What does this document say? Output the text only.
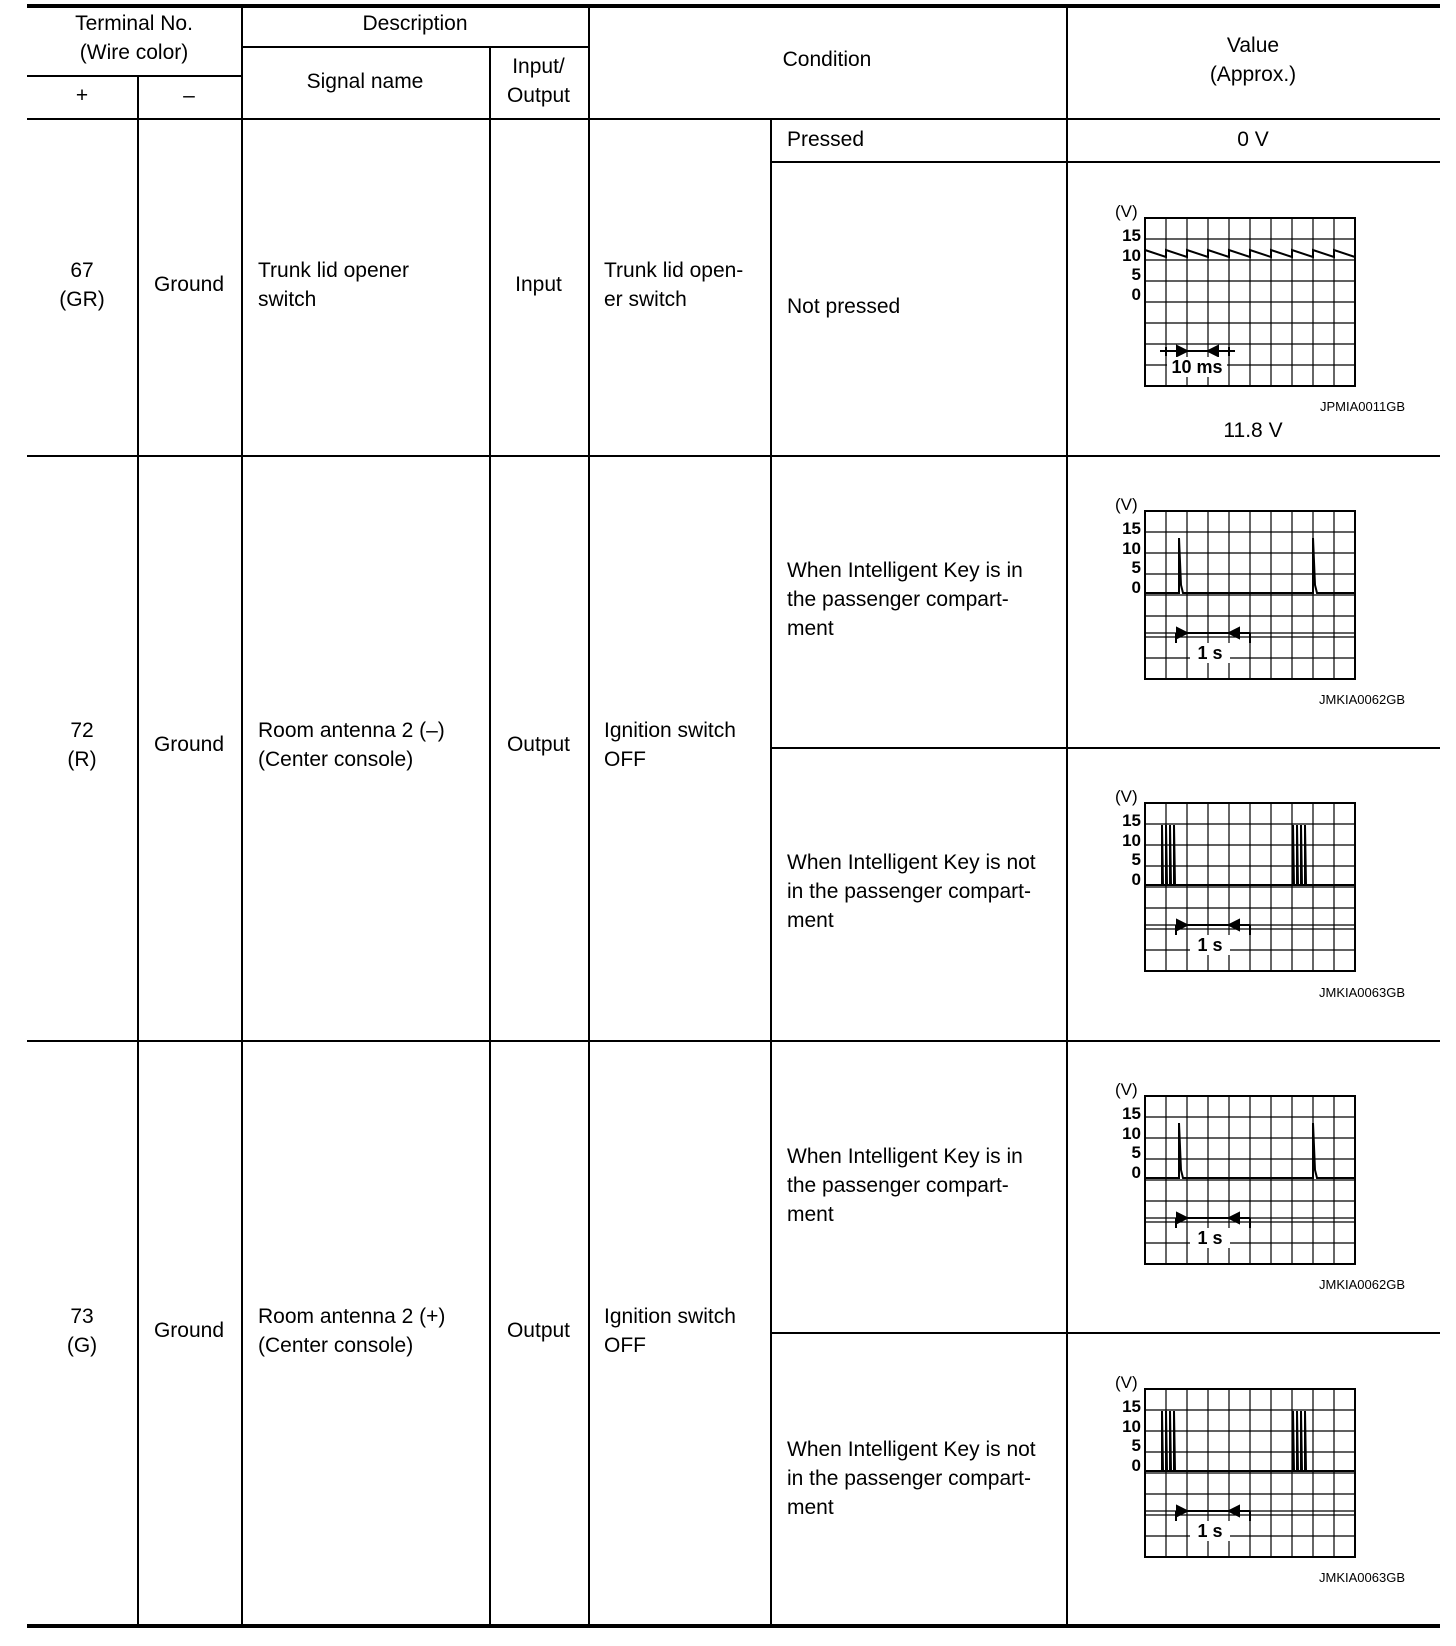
Terminal No.
(Wire color)
+	–
Description
Signal name
Input/
Output
Condition
Value
(Approx.)
67
(GR)
Ground
Trunk lid opener
switch
Input
Trunk lid open-
er switch
Pressed	0 V
Not pressed
(V)
15
10
5
0
10 ms
JPMIA0011GB
11.8 V
72
(R)
Ground
Room antenna 2 (–)
(Center console)
Output
Ignition switch
OFF
When Intelligent Key is in
the passenger compart-
ment
When Intelligent Key is not
in the passenger compart-
ment
(V)
15
10
5
0
1 s
JMKIA0062GB
(V)
15
10
5
0
1 s
JMKIA0063GB
73
(G)
Ground
Room antenna 2 (+)
(Center console)
Output
Ignition switch
OFF
When Intelligent Key is in
the passenger compart-
ment
When Intelligent Key is not
in the passenger compart-
ment
(V)
15
10
5
0
1 s
JMKIA0062GB
(V)
15
10
5
0
1 s
JMKIA0063GB
